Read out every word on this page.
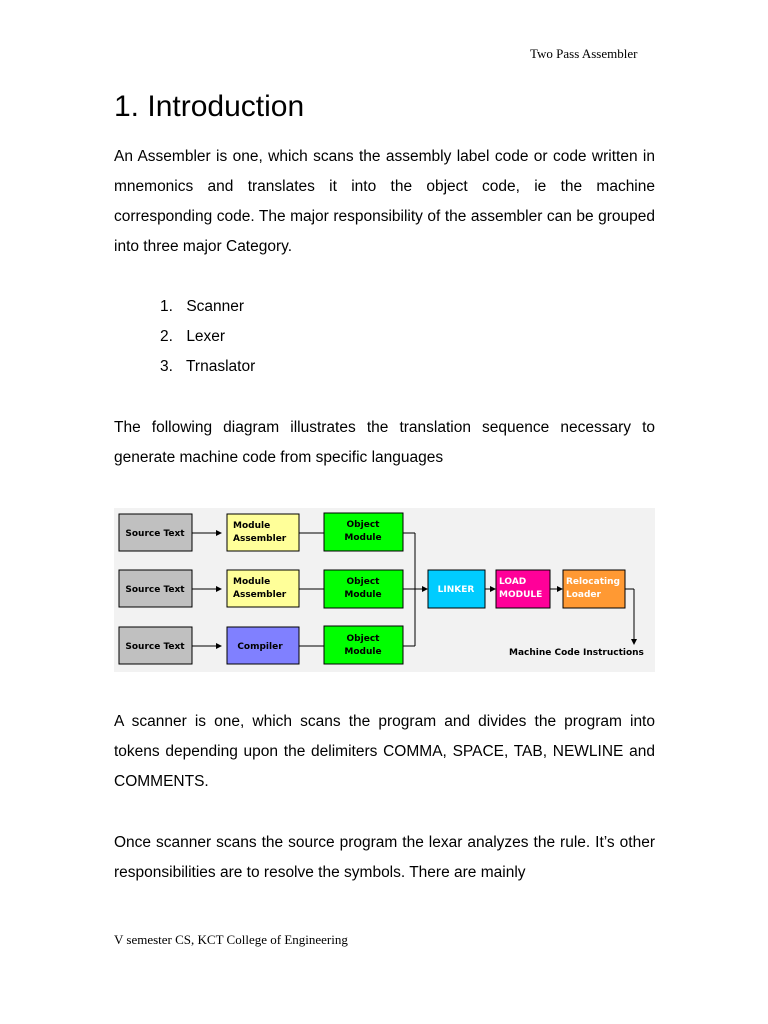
Two Pass Assembler
1. Introduction

An Assembler is one, which scans the assembly label code or code written in mnemonics and translates it into the object code, ie the machine corresponding code. The major responsibility of the assembler can be grouped into three major Category.

1. Scanner
2. Lexer
3. Trnaslator

The following diagram illustrates the translation sequence necessary to generate machine code from specific languages

Source Text
Source Text
Source Text
Module
Assembler
Module
Assembler
Compiler
Object
Module
Object
Module
Object
Module
LINKER
LOAD
MODULE
Relocating
Loader
Machine Code Instructions

A scanner is one, which scans the program and divides the program into tokens depending upon the delimiters COMMA, SPACE, TAB, NEWLINE and COMMENTS.

Once scanner scans the source program the lexar analyzes the rule. It’s other responsibilities are to resolve the symbols. There are mainly

V semester CS, KCT College of Engineering
